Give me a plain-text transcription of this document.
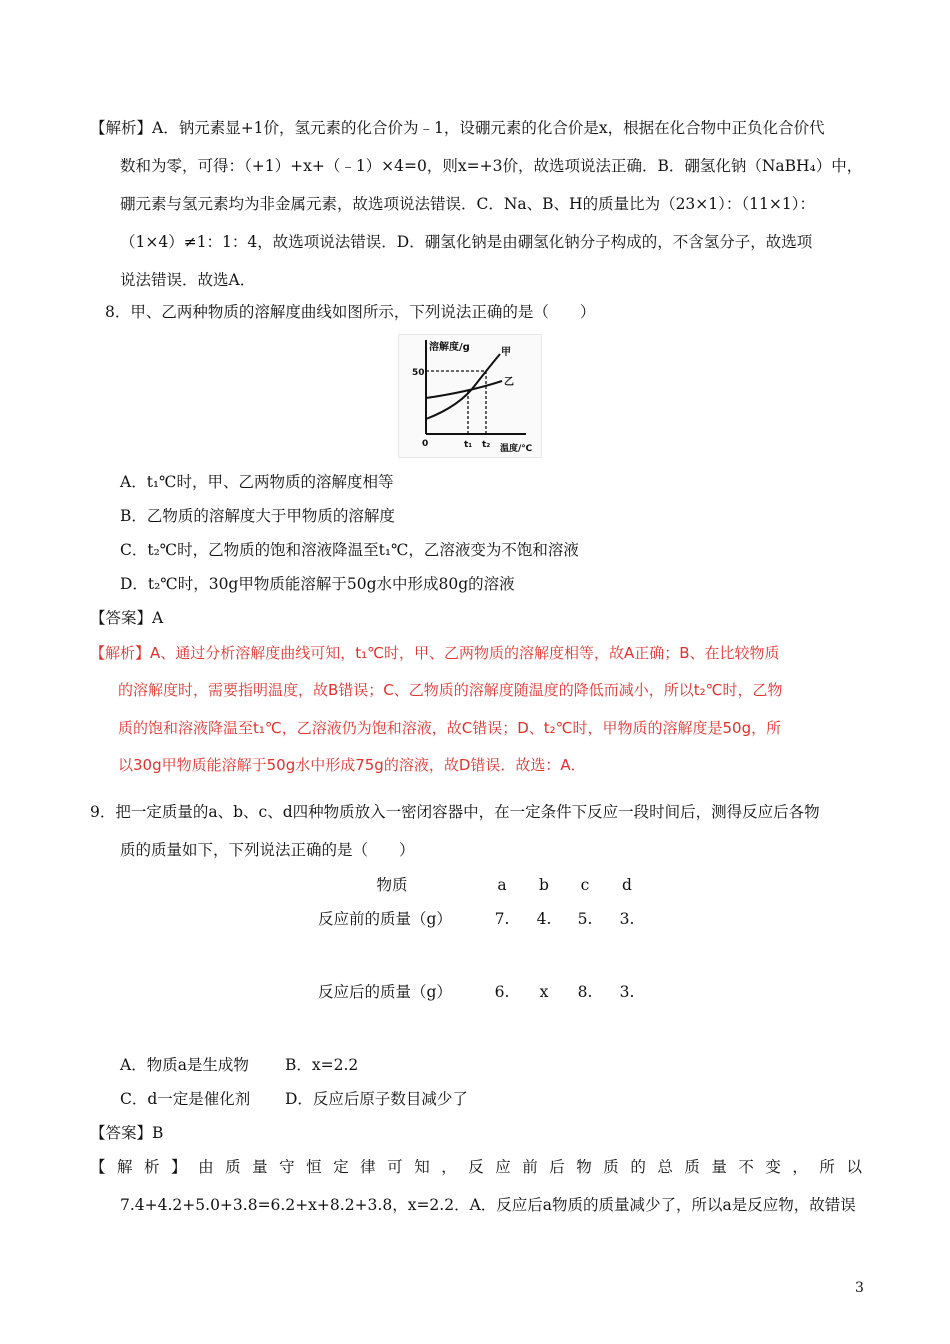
【解析】A．钠元素显+1价，氢元素的化合价为﹣1，设硼元素的化合价是x，根据在化合物中正负化合价代
数和为零，可得：（+1）+x+（﹣1）×4=0，则x=+3价，故选项说法正确．B．硼氢化钠（NaBH₄）中，
硼元素与氢元素均为非金属元素，故选项说法错误．C．Na、B、H的质量比为（23×1）：（11×1）：
（1×4）≠1：1：4，故选项说法错误．D．硼氢化钠是由硼氢化钠分子构成的，不含氢分子，故选项
说法错误．故选A．
8．甲、乙两种物质的溶解度曲线如图所示，下列说法正确的是（　　）
溶解度/g
50
0	t₁ t₂ 温度/℃
甲
乙
A．t₁℃时，甲、乙两物质的溶解度相等
B．乙物质的溶解度大于甲物质的溶解度
C．t₂℃时，乙物质的饱和溶液降温至t₁℃，乙溶液变为不饱和溶液
D．t₂℃时，30g甲物质能溶解于50g水中形成80g的溶液
【答案】A
【解析】A、通过分析溶解度曲线可知，t₁℃时，甲、乙两物质的溶解度相等，故A正确；B、在比较物质
的溶解度时，需要指明温度，故B错误；C、乙物质的溶解度随温度的降低而减小，所以t₂℃时，乙物
质的饱和溶液降温至t₁℃，乙溶液仍为饱和溶液，故C错误；D、t₂℃时，甲物质的溶解度是50g，所
以30g甲物质能溶解于50g水中形成75g的溶液，故D错误．故选：A．
9．把一定质量的a、b、c、d四种物质放入一密闭容器中，在一定条件下反应一段时间后，测得反应后各物
质的质量如下，下列说法正确的是（　　）
物质	a	b	c	d
反应前的质量（g）	7. 4. 5. 3.
反应后的质量（g）	6.	x	8. 3.
A．物质a是生成物 B．x=2.2
C．d一定是催化剂 D．反应后原子数目减少了
【答案】B
【 解 析 】 由 质 量 守 恒 定 律 可 知 ， 反 应 前 后 物 质 的 总 质 量 不 变 ， 所 以
7.4+4.2+5.0+3.8=6.2+x+8.2+3.8，x=2.2．A．反应后a物质的质量减少了，所以a是反应物，故错误
3
